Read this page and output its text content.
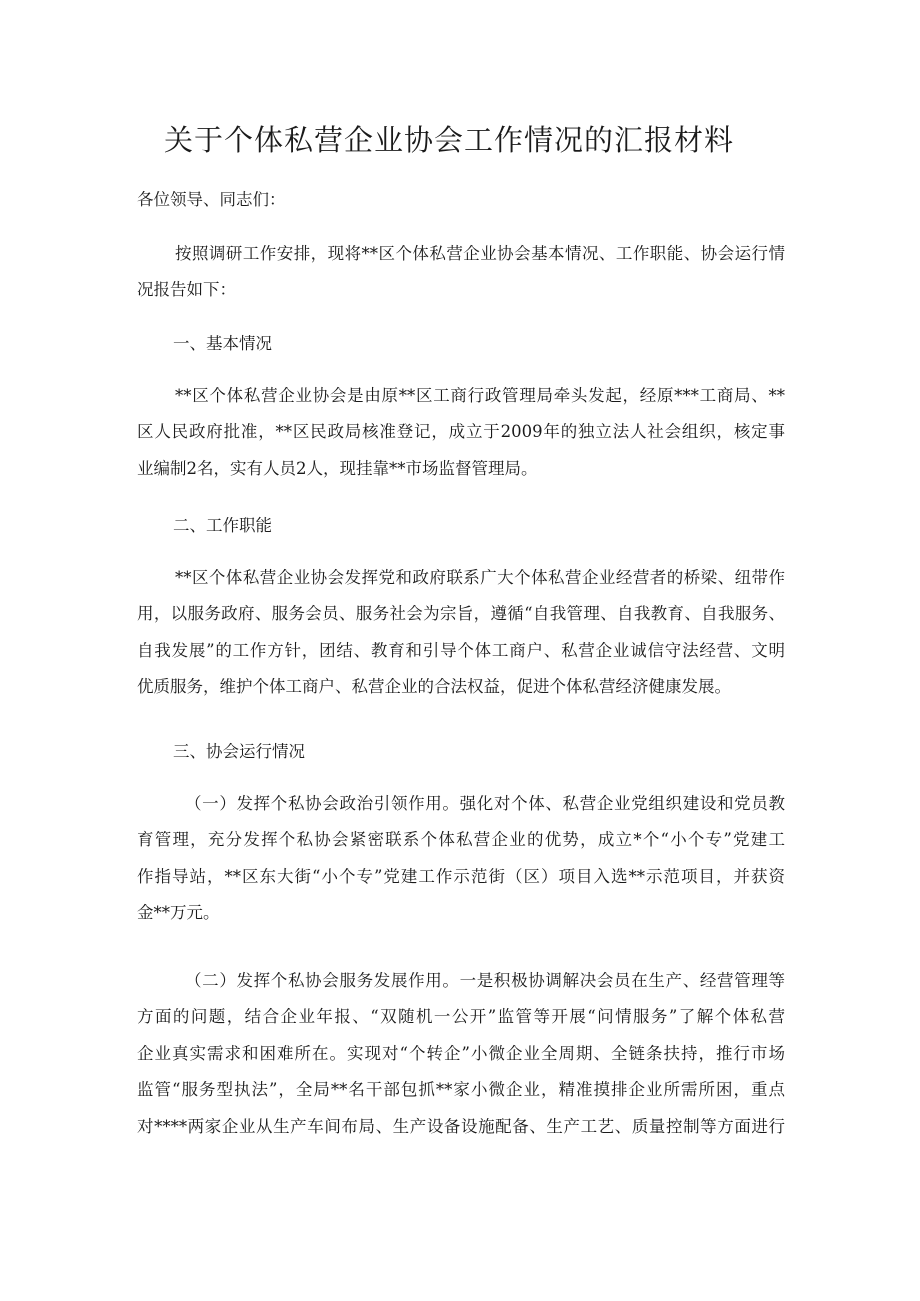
关于个体私营企业协会工作情况的汇报材料

各位领导、同志们：

按照调研工作安排，现将**区个体私营企业协会基本情况、工作职能、协会运行情
况报告如下：
一、基本情况
**区个体私营企业协会是由原**区工商行政管理局牵头发起，经原***工商局、**
区人民政府批准，**区民政局核准登记，成立于2009年的独立法人社会组织，核定事
业编制2名，实有人员2人，现挂靠**市场监督管理局。
二、工作职能
**区个体私营企业协会发挥党和政府联系广大个体私营企业经营者的桥梁、纽带作
用，以服务政府、服务会员、服务社会为宗旨，遵循“自我管理、自我教育、自我服务、
自我发展”的工作方针，团结、教育和引导个体工商户、私营企业诚信守法经营、文明
优质服务，维护个体工商户、私营企业的合法权益，促进个体私营经济健康发展。
三、协会运行情况
（一）发挥个私协会政治引领作用。强化对个体、私营企业党组织建设和党员教
育管理，充分发挥个私协会紧密联系个体私营企业的优势，成立*个“小个专”党建工
作指导站，**区东大街“小个专”党建工作示范街（区）项目入选**示范项目，并获资
金**万元。
（二）发挥个私协会服务发展作用。一是积极协调解决会员在生产、经营管理等
方面的问题，结合企业年报、“双随机一公开”监管等开展“问情服务”了解个体私营
企业真实需求和困难所在。实现对“个转企”小微企业全周期、全链条扶持，推行市场
监管“服务型执法”，全局**名干部包抓**家小微企业，精准摸排企业所需所困，重点
对****两家企业从生产车间布局、生产设备设施配备、生产工艺、质量控制等方面进行
